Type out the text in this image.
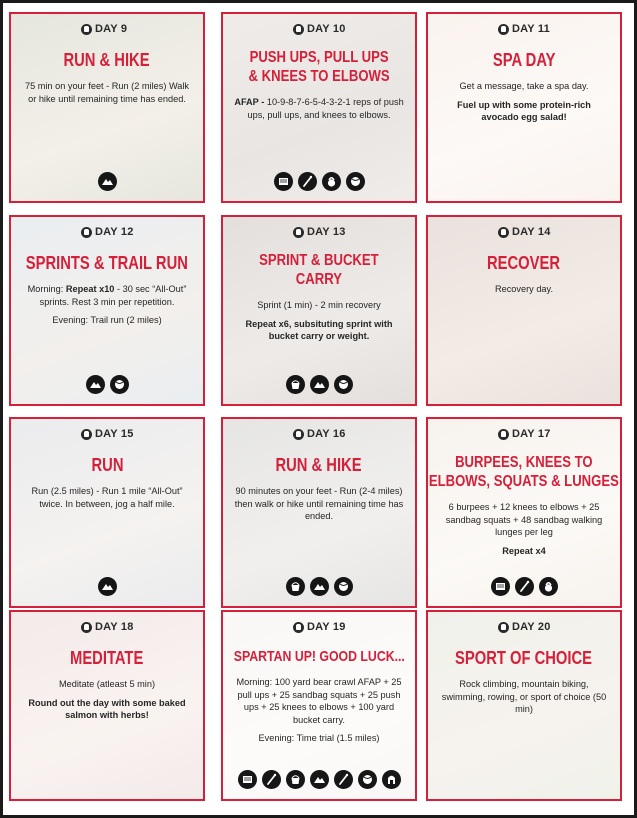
DAY 9
RUN & HIKE

75 min on your feet - Run (2 miles) Walk or hike until remaining time has ended.

DAY 10
PUSH UPS, PULL UPS
& KNEES TO ELBOWS

AFAP - 10-9-8-7-6-5-4-3-2-1 reps of push ups, pull ups, and knees to elbows.

DAY 11
SPA DAY

Get a message, take a spa day.

Fuel up with some protein-rich avocado egg salad!

DAY 12
SPRINTS & TRAIL RUN

Morning: Repeat x10 - 30 sec “All-Out” sprints. Rest 3 min per repetition.

Evening: Trail run (2 miles)

DAY 13
SPRINT & BUCKET
CARRY

Sprint (1 min) - 2 min recovery

Repeat x6, subsituting sprint with bucket carry or weight.

DAY 14
RECOVER

Recovery day.

DAY 15
RUN

Run (2.5 miles) - Run 1 mile “All-Out” twice. In between, jog a half mile.

DAY 16
RUN & HIKE

90 minutes on your feet - Run (2-4 miles) then walk or hike until remaining time has ended.

DAY 17
BURPEES, KNEES TO
ELBOWS, SQUATS & LUNGES

6 burpees + 12 knees to elbows + 25 sandbag squats + 48 sandbag walking lunges per leg

Repeat x4

DAY 18
MEDITATE

Meditate (atleast 5 min)

Round out the day with some baked salmon with herbs!

DAY 19
SPARTAN UP! GOOD LUCK...

Morning: 100 yard bear crawl AFAP + 25 pull ups + 25 sandbag squats + 25 push ups + 25 knees to elbows + 100 yard bucket carry.

Evening: Time trial (1.5 miles)

DAY 20
SPORT OF CHOICE

Rock climbing, mountain biking, swimming, rowing, or sport of choice (50 min)
